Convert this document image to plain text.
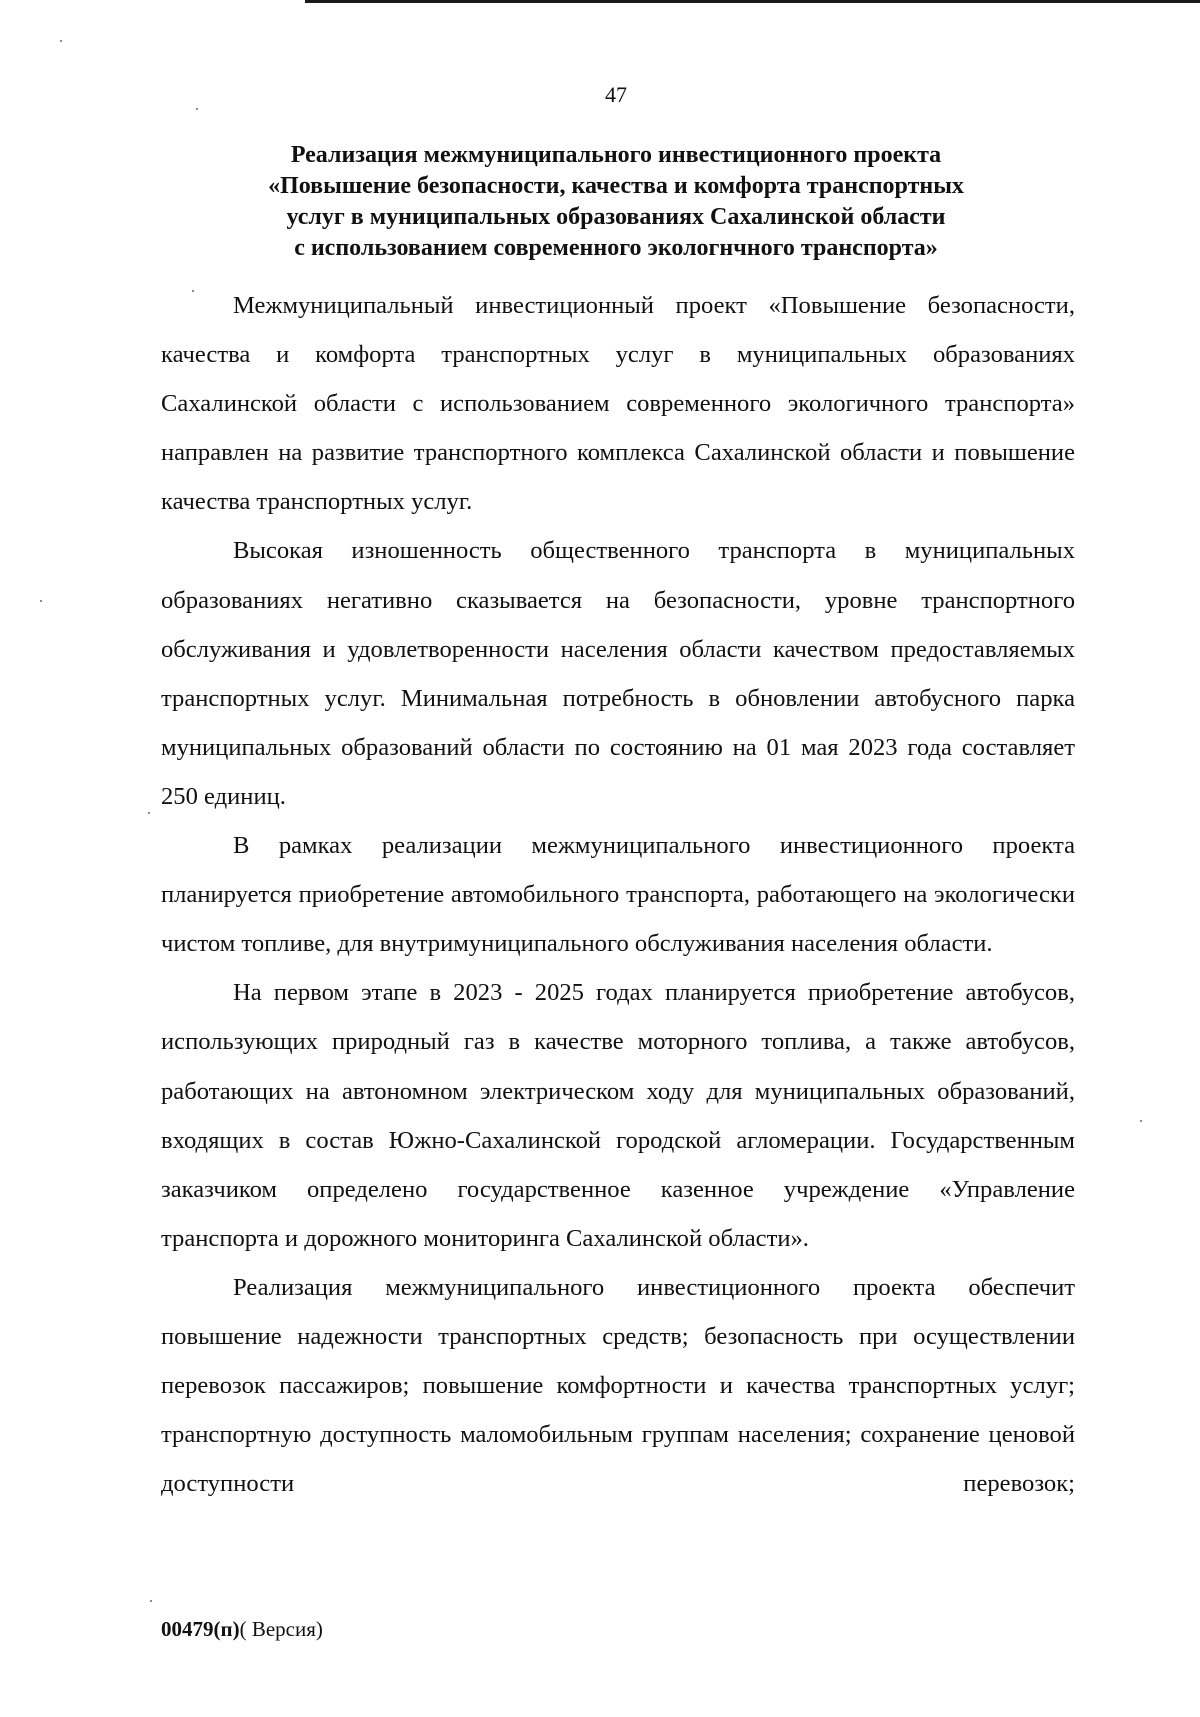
47
Реализация межмуниципального инвестиционного проекта
«Повышение безопасности, качества и комфорта транспортных
услуг в муниципальных образованиях Сахалинской области
с использованием современного экологнчного транспорта»

Межмуниципальный инвестиционный проект «Повышение безопасности, качества и комфорта транспортных услуг в муниципальных образованиях Сахалинской области с использованием современного экологичного транспорта» направлен на развитие транспортного комплекса Сахалинской области и повышение качества транспортных услуг.

Высокая изношенность общественного транспорта в муниципальных образованиях негативно сказывается на безопасности, уровне транспортного обслуживания и удовлетворенности населения области качеством предоставляемых транспортных услуг. Минимальная потребность в обновлении автобусного парка муниципальных образований области по состоянию на 01 мая 2023 года составляет 250 единиц.

В рамках реализации межмуниципального инвестиционного проекта планируется приобретение автомобильного транспорта, работающего на экологически чистом топливе, для внутримуниципального обслуживания населения области.

На первом этапе в 2023 - 2025 годах планируется приобретение автобусов, использующих природный газ в качестве моторного топлива, а также автобусов, работающих на автономном электрическом ходу для муниципальных образований, входящих в состав Южно-Сахалинской городской агломерации. Государственным заказчиком определено государственное казенное учреждение «Управление транспорта и дорожного мониторинга Сахалинской области».

Реализация межмуниципального инвестиционного проекта обеспечит повышение надежности транспортных средств; безопасность при осуществлении перевозок пассажиров; повышение комфортности и качества транспортных услуг; транспортную доступность маломобильным группам населения; сохранение ценовой доступности перевозок;

00479(п)( Версия)
